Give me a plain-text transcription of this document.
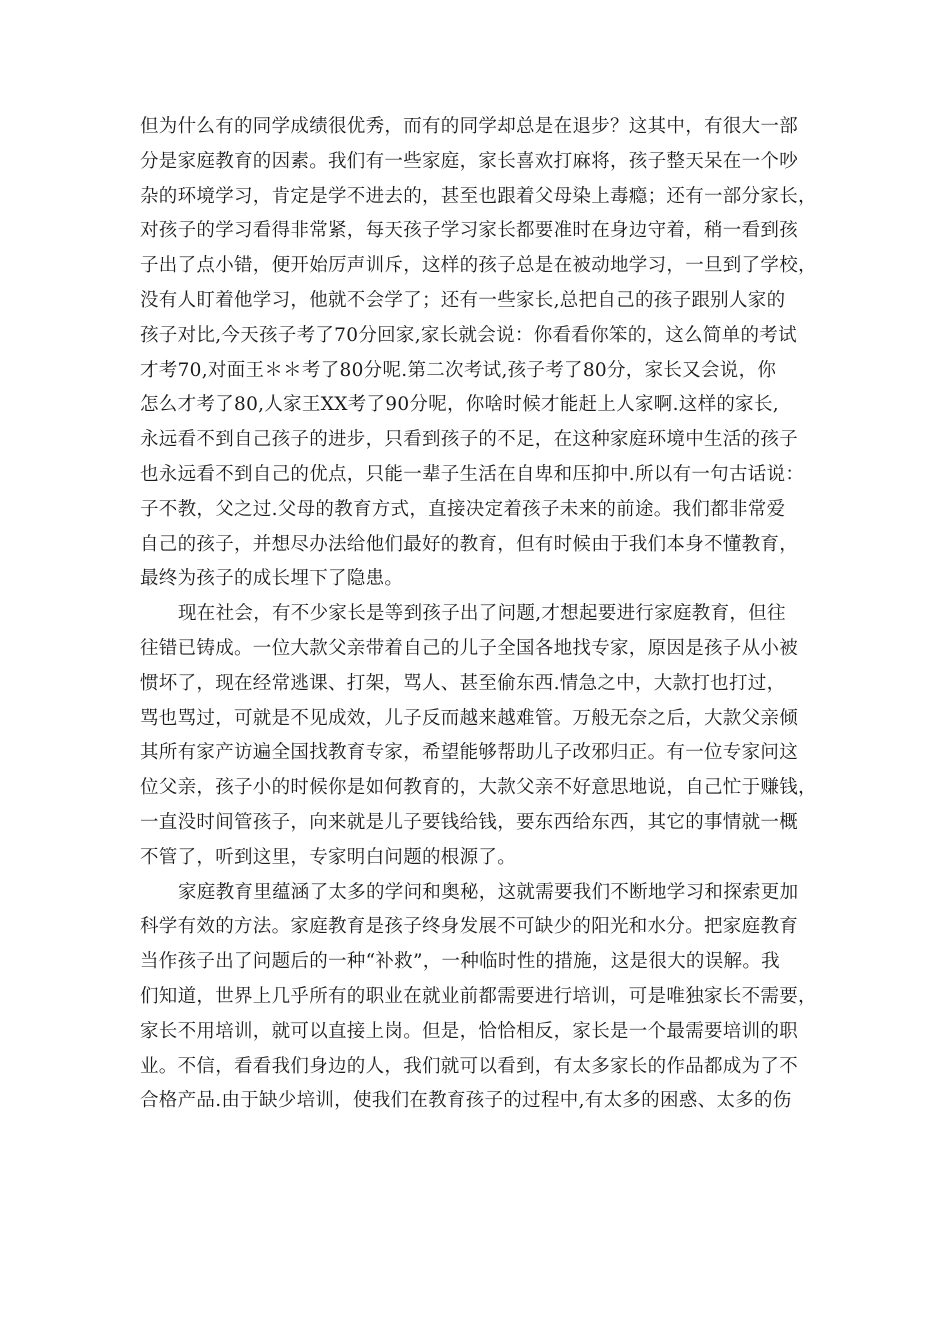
但为什么有的同学成绩很优秀，而有的同学却总是在退步？这其中，有很大一部
分是家庭教育的因素。我们有一些家庭，家长喜欢打麻将，孩子整天呆在一个吵
杂的环境学习，肯定是学不进去的，甚至也跟着父母染上毒瘾；还有一部分家长，
对孩子的学习看得非常紧，每天孩子学习家长都要准时在身边守着，稍一看到孩
子出了点小错，便开始厉声训斥，这样的孩子总是在被动地学习，一旦到了学校，
没有人盯着他学习，他就不会学了；还有一些家长,总把自己的孩子跟别人家的
孩子对比,今天孩子考了70分回家,家长就会说：你看看你笨的，这么简单的考试
才考70,对面王＊＊考了80分呢.第二次考试,孩子考了80分，家长又会说，你
怎么才考了80,人家王XX考了90分呢，你啥时候才能赶上人家啊.这样的家长,
永远看不到自己孩子的进步，只看到孩子的不足，在这种家庭环境中生活的孩子
也永远看不到自己的优点，只能一辈子生活在自卑和压抑中.所以有一句古话说：
子不教，父之过.父母的教育方式，直接决定着孩子未来的前途。我们都非常爱
自己的孩子，并想尽办法给他们最好的教育，但有时候由于我们本身不懂教育，
最终为孩子的成长埋下了隐患。
现在社会，有不少家长是等到孩子出了问题,才想起要进行家庭教育，但往
往错已铸成。一位大款父亲带着自己的儿子全国各地找专家，原因是孩子从小被
惯坏了，现在经常逃课、打架，骂人、甚至偷东西.情急之中，大款打也打过，
骂也骂过，可就是不见成效，儿子反而越来越难管。万般无奈之后，大款父亲倾
其所有家产访遍全国找教育专家，希望能够帮助儿子改邪归正。有一位专家问这
位父亲，孩子小的时候你是如何教育的，大款父亲不好意思地说，自己忙于赚钱，
一直没时间管孩子，向来就是儿子要钱给钱，要东西给东西，其它的事情就一概
不管了，听到这里，专家明白问题的根源了。
家庭教育里蕴涵了太多的学问和奥秘，这就需要我们不断地学习和探索更加
科学有效的方法。家庭教育是孩子终身发展不可缺少的阳光和水分。把家庭教育
当作孩子出了问题后的一种“补救”，一种临时性的措施，这是很大的误解。我
们知道，世界上几乎所有的职业在就业前都需要进行培训，可是唯独家长不需要，
家长不用培训，就可以直接上岗。但是，恰恰相反，家长是一个最需要培训的职
业。不信，看看我们身边的人，我们就可以看到，有太多家长的作品都成为了不
合格产品.由于缺少培训，使我们在教育孩子的过程中,有太多的困惑、太多的伤
